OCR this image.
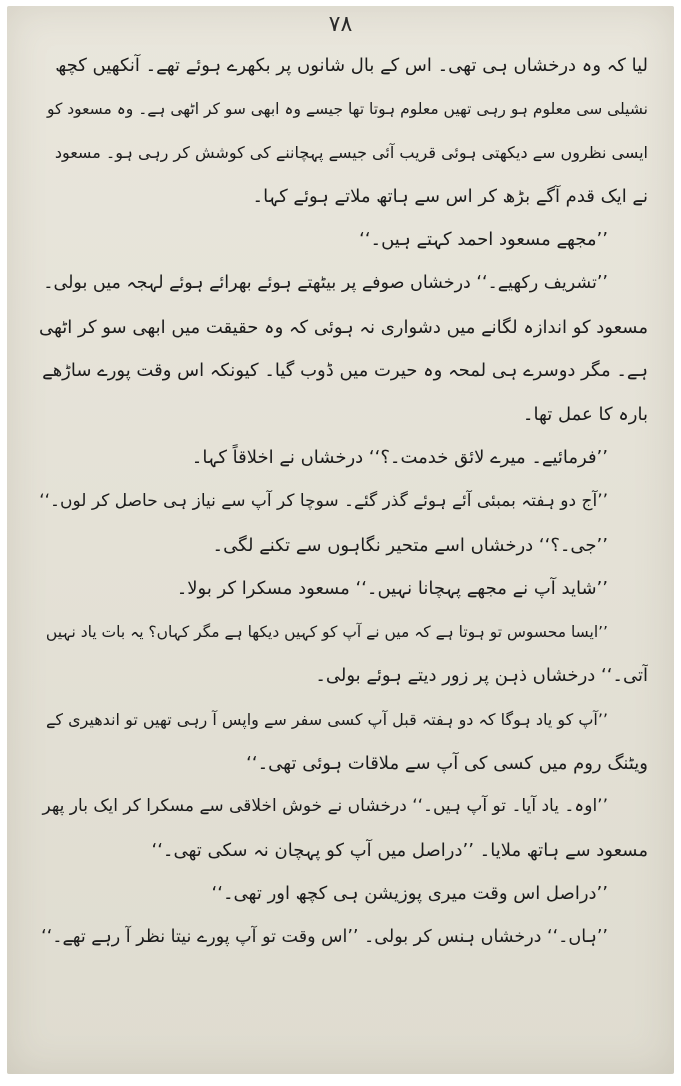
۷۸
لیا کہ وہ درخشاں ہی تھی۔ اس کے بال شانوں پر بکھرے ہوئے تھے۔ آنکھیں کچھ
نشیلی سی معلوم ہو رہی تھیں معلوم ہوتا تھا جیسے وہ ابھی سو کر اٹھی ہے۔ وہ مسعود کو
ایسی نظروں سے دیکھتی ہوئی قریب آئی جیسے پہچاننے کی کوشش کر رہی ہو۔ مسعود
نے ایک قدم آگے بڑھ کر اس سے ہاتھ ملاتے ہوئے کہا۔
’’مجھے مسعود احمد کہتے ہیں۔‘‘
’’تشریف رکھیے۔‘‘ درخشاں صوفے پر بیٹھتے ہوئے بھرائے ہوئے لہجہ میں بولی۔
مسعود کو اندازہ لگانے میں دشواری نہ ہوئی کہ وہ حقیقت میں ابھی سو کر اٹھی
ہے۔ مگر دوسرے ہی لمحہ وہ حیرت میں ڈوب گیا۔ کیونکہ اس وقت پورے ساڑھے
بارہ کا عمل تھا۔
’’فرمائیے۔ میرے لائق خدمت۔؟‘‘ درخشاں نے اخلاقاً کہا۔
’’آج دو ہفتہ بمبئی آئے ہوئے گذر گئے۔ سوچا کر آپ سے نیاز ہی حاصل کر لوں۔‘‘
’’جی۔؟‘‘ درخشاں اسے متحیر نگاہوں سے تکنے لگی۔
’’شاید آپ نے مجھے پہچانا نہیں۔‘‘ مسعود مسکرا کر بولا۔
’’ایسا محسوس تو ہوتا ہے کہ میں نے آپ کو کہیں دیکھا ہے مگر کہاں؟ یہ بات یاد نہیں
آتی۔‘‘ درخشاں ذہن پر زور دیتے ہوئے بولی۔
’’آپ کو یاد ہوگا کہ دو ہفتہ قبل آپ کسی سفر سے واپس آ رہی تھیں تو اندھیری کے
ویٹنگ روم میں کسی کی آپ سے ملاقات ہوئی تھی۔‘‘
’’اوہ۔ یاد آیا۔ تو آپ ہیں۔‘‘ درخشاں نے خوش اخلاقی سے مسکرا کر ایک بار پھر
مسعود سے ہاتھ ملایا۔ ’’دراصل میں آپ کو پہچان نہ سکی تھی۔‘‘
’’دراصل اس وقت میری پوزیشن ہی کچھ اور تھی۔‘‘
’’ہاں۔‘‘ درخشاں ہنس کر بولی۔ ’’اس وقت تو آپ پورے نیتا نظر آ رہے تھے۔‘‘
